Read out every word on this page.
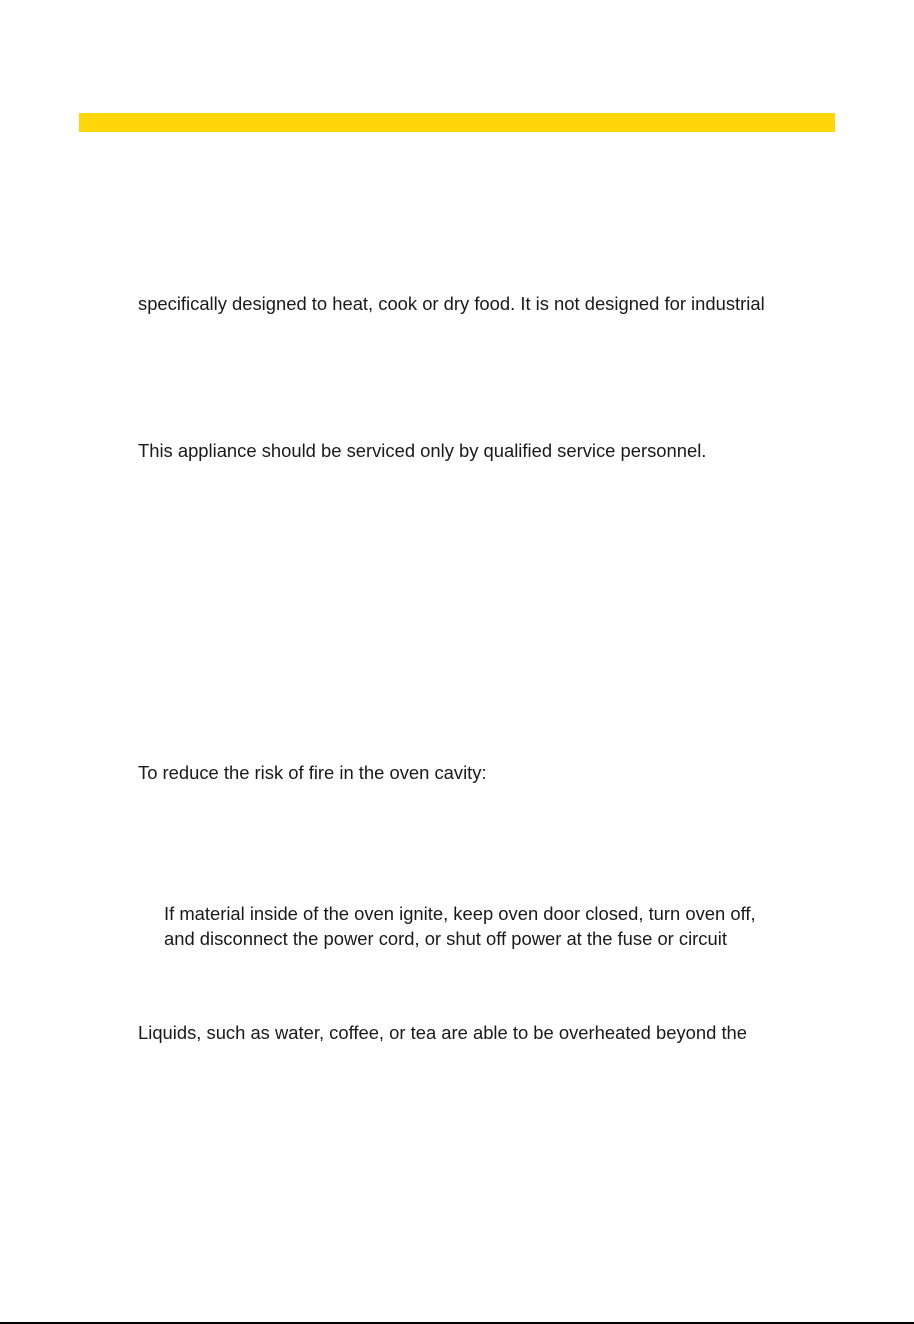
specifically designed to heat, cook or dry food. It is not designed for industrial

This appliance should be serviced only by qualified service personnel.

To reduce the risk of fire in the oven cavity:

If material inside of the oven ignite, keep oven door closed, turn oven off,

and disconnect the power cord, or shut off power at the fuse or circuit

Liquids, such as water, coffee, or tea are able to be overheated beyond the
